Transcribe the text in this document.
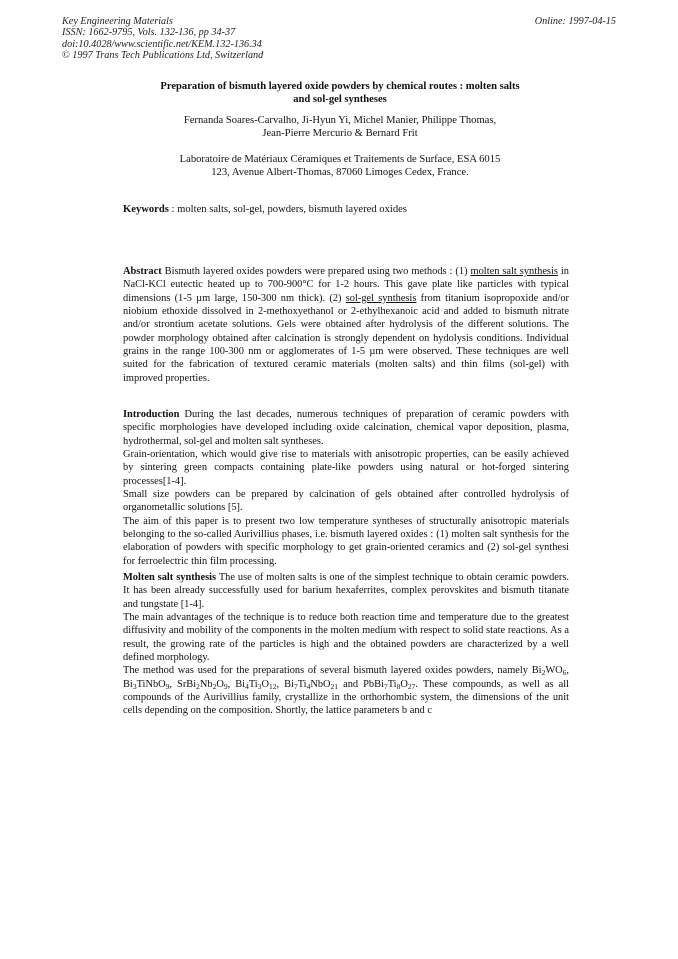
Key Engineering Materials
ISSN: 1662-9795, Vols. 132-136, pp 34-37
doi:10.4028/www.scientific.net/KEM.132-136.34
© 1997 Trans Tech Publications Ltd, Switzerland
Online: 1997-04-15
Preparation of bismuth layered oxide powders by chemical routes : molten salts
and sol-gel syntheses
Fernanda Soares-Carvalho, Ji-Hyun Yi, Michel Manier, Philippe Thomas,
Jean-Pierre Mercurio & Bernard Frit
Laboratoire de Matériaux Céramiques et Traitements de Surface, ESA 6015
123, Avenue Albert-Thomas, 87060 Limoges Cedex, France.
Keywords : molten salts, sol-gel, powders, bismuth layered oxides

Abstract Bismuth layered oxides powders were prepared using two methods : (1) molten salt synthesis in NaCl-KCl eutectic heated up to 700-900°C for 1-2 hours. This gave plate like particles with typical dimensions (1-5 µm large, 150-300 nm thick). (2) sol-gel synthesis from titanium isopropoxide and/or niobium ethoxide dissolved in 2-methoxyethanol or 2-ethylhexanoic acid and added to bismuth nitrate and/or strontium acetate solutions. Gels were obtained after hydrolysis of the different solutions. The powder morphology obtained after calcination is strongly dependent on hydolysis conditions. Individual grains in the range 100-300 nm or agglomerates of 1-5 µm were observed. These techniques are well suited for the fabrication of textured ceramic materials (molten salts) and thin films (sol-gel) with improved properties.

Introduction During the last decades, numerous techniques of preparation of ceramic powders with specific morphologies have developed including oxide calcination, chemical vapor deposition, plasma, hydrothermal, sol-gel and molten salt syntheses.

Grain-orientation, which would give rise to materials with anisotropic properties, can be easily achieved by sintering green compacts containing plate-like powders using natural or hot-forged sintering processes[1-4].

Small size powders can be prepared by calcination of gels obtained after controlled hydrolysis of organometallic solutions [5].

The aim of this paper is to present two low temperature syntheses of structurally anisotropic materials belonging to the so-called Aurivillius phases, i.e. bismuth layered oxides : (1) molten salt synthesis for the elaboration of powders with specific morphology to get grain-oriented ceramics and (2) sol-gel synthesi for ferroelectric thin film processing.

Molten salt synthesis The use of molten salts is one of the simplest technique to obtain ceramic powders. It has been already successfully used for barium hexaferrites, complex perovskites and bismuth titanate and tungstate [1-4].

The main advantages of the technique is to reduce both reaction time and temperature due to the greatest diffusivity and mobility of the components in the molten medium with respect to solid state reactions. As a result, the growing rate of the particles is high and the obtained powders are characterized by a well defined morphology.

The method was used for the preparations of several bismuth layered oxides powders, namely $Bi_2WO_6$, $Bi_3TiNbO_9$, $SrBi_2Nb_2O_9$, $Bi_4Ti_3O_{12}$, $Bi_7Ti_4NbO_{21}$ and $PbBi_7Ti_8O_{27}$. These compounds, as well as all compounds of the Aurivillius family, crystallize in the orthorhombic system, the dimensions of the unit cells depending on the composition. Shortly, the lattice parameters b and c
